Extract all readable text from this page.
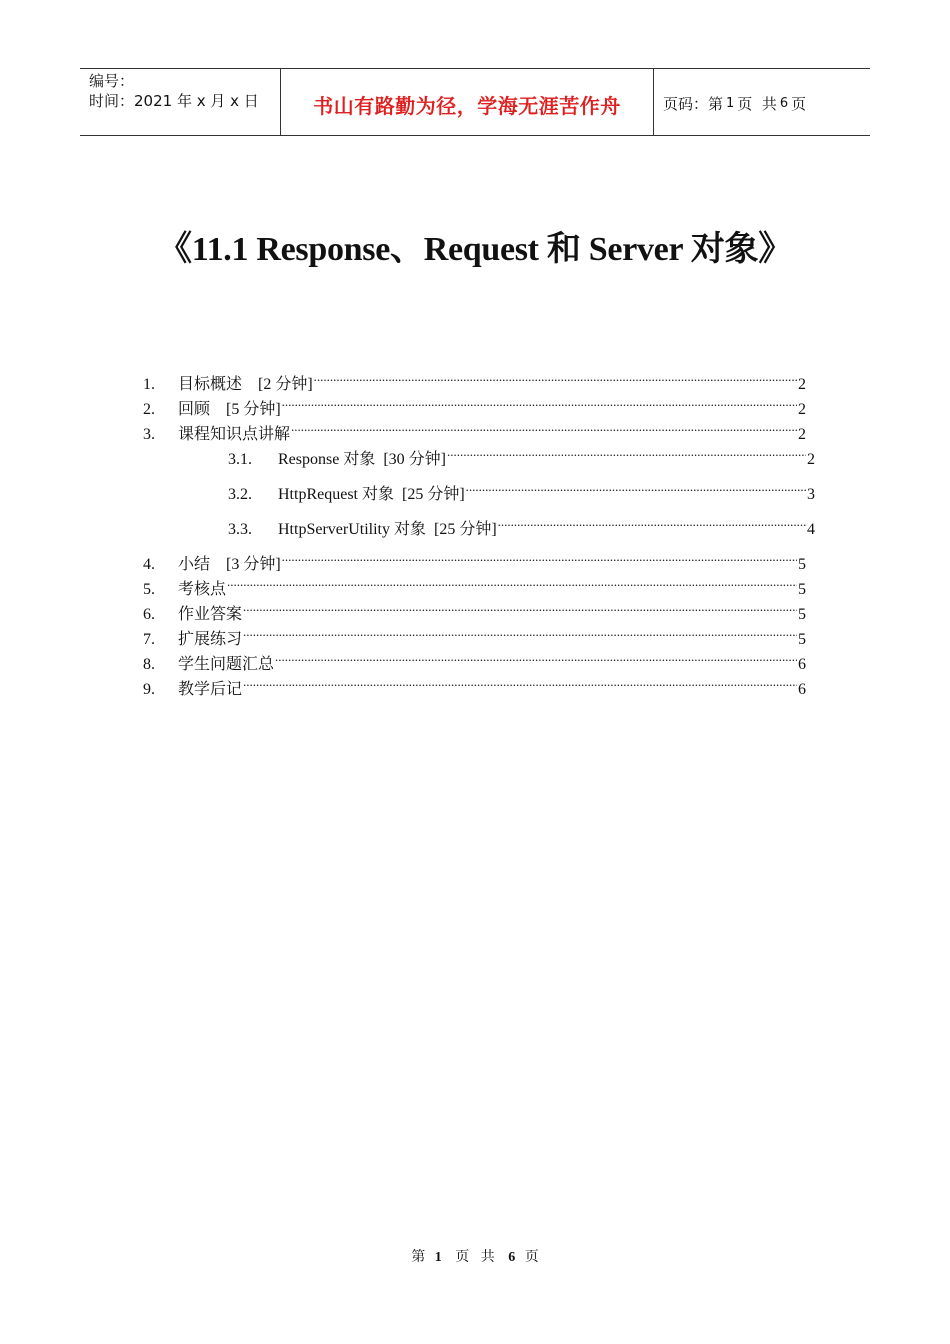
编号：
时间：2021 年 x 月 x 日	书山有路勤为径，学海无涯苦作舟	页码：第 1 页  共 6 页
《11.1 Response、Request 和 Server 对象》
1.	目标概述　[2 分钟] .....	2
2.	回顾　[5 分钟] .....	2
3.	课程知识点讲解 .....	2
3.1.	Response 对象  [30 分钟] .....	2
3.2.	HttpRequest 对象  [25 分钟] .....	3
3.3.	HttpServerUtility 对象  [25 分钟] .....	4
4.	小结　[3 分钟] .....	5
5.	考核点 .....	5
6.	作业答案 .....	5
7.	扩展练习 .....	5
8.	学生问题汇总 .....	6
9.	教学后记 .....	6
第 1 页 共 6 页
